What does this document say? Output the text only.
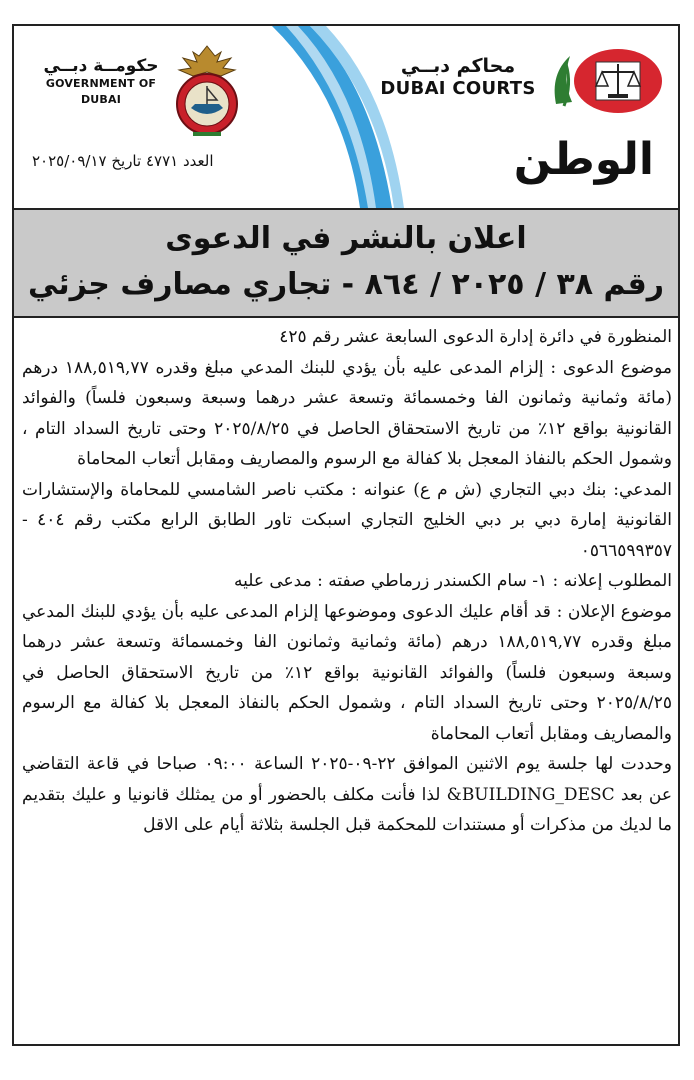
حكومــة دبــي
GOVERNMENT OF DUBAI
محاكم دبــي
DUBAI COURTS
الوطن
العدد ٤٧٧١ تاريخ ٢٠٢٥/٠٩/١٧
اعلان بالنشر في الدعوى
رقم ٣٨ / ٢٠٢٥ / ٨٦٤ - تجاري مصارف جزئي

المنظورة في دائرة إدارة الدعوى السابعة عشر رقم ٤٢٥

موضوع الدعوى : إلزام المدعى عليه بأن يؤدي للبنك المدعي مبلغ وقدره ١٨٨,٥١٩,٧٧ درهم (مائة وثمانية وثمانون الفا وخمسمائة وتسعة عشر درهما وسبعة وسبعون فلساً) والفوائد القانونية بواقع ١٢٪ من تاريخ الاستحقاق الحاصل في ٢٠٢٥/٨/٢٥ وحتى تاريخ السداد التام ، وشمول الحكم بالنفاذ المعجل بلا كفالة مع الرسوم والمصاريف ومقابل أتعاب المحاماة

المدعي: بنك دبي التجاري (ش م ع) عنوانه : مكتب ناصر الشامسي للمحاماة والإستشارات القانونية إمارة دبي بر دبي الخليج التجاري اسبكت تاور الطابق الرابع مكتب رقم ٤٠٤ - ٠٥٦٦٥٩٩٣٥٧

المطلوب إعلانه : ١- سام الكسندر زرماطي صفته : مدعى عليه

موضوع الإعلان : قد أقام عليك الدعوى وموضوعها إلزام المدعى عليه بأن يؤدي للبنك المدعي مبلغ وقدره ١٨٨,٥١٩,٧٧ درهم (مائة وثمانية وثمانون الفا وخمسمائة وتسعة عشر درهما وسبعة وسبعون فلساً) والفوائد القانونية بواقع ١٢٪ من تاريخ الاستحقاق الحاصل في ٢٠٢٥/٨/٢٥ وحتى تاريخ السداد التام ، وشمول الحكم بالنفاذ المعجل بلا كفالة مع الرسوم والمصاريف ومقابل أتعاب المحاماة

وحددت لها جلسة يوم الاثنين الموافق ٢٢-٠٩-٢٠٢٥ الساعة ٠٩:٠٠ صباحا في قاعة التقاضي عن بعد BUILDING_DESC& لذا فأنت مكلف بالحضور أو من يمثلك قانونيا و عليك بتقديم ما لديك من مذكرات أو مستندات للمحكمة قبل الجلسة بثلاثة أيام على الاقل
